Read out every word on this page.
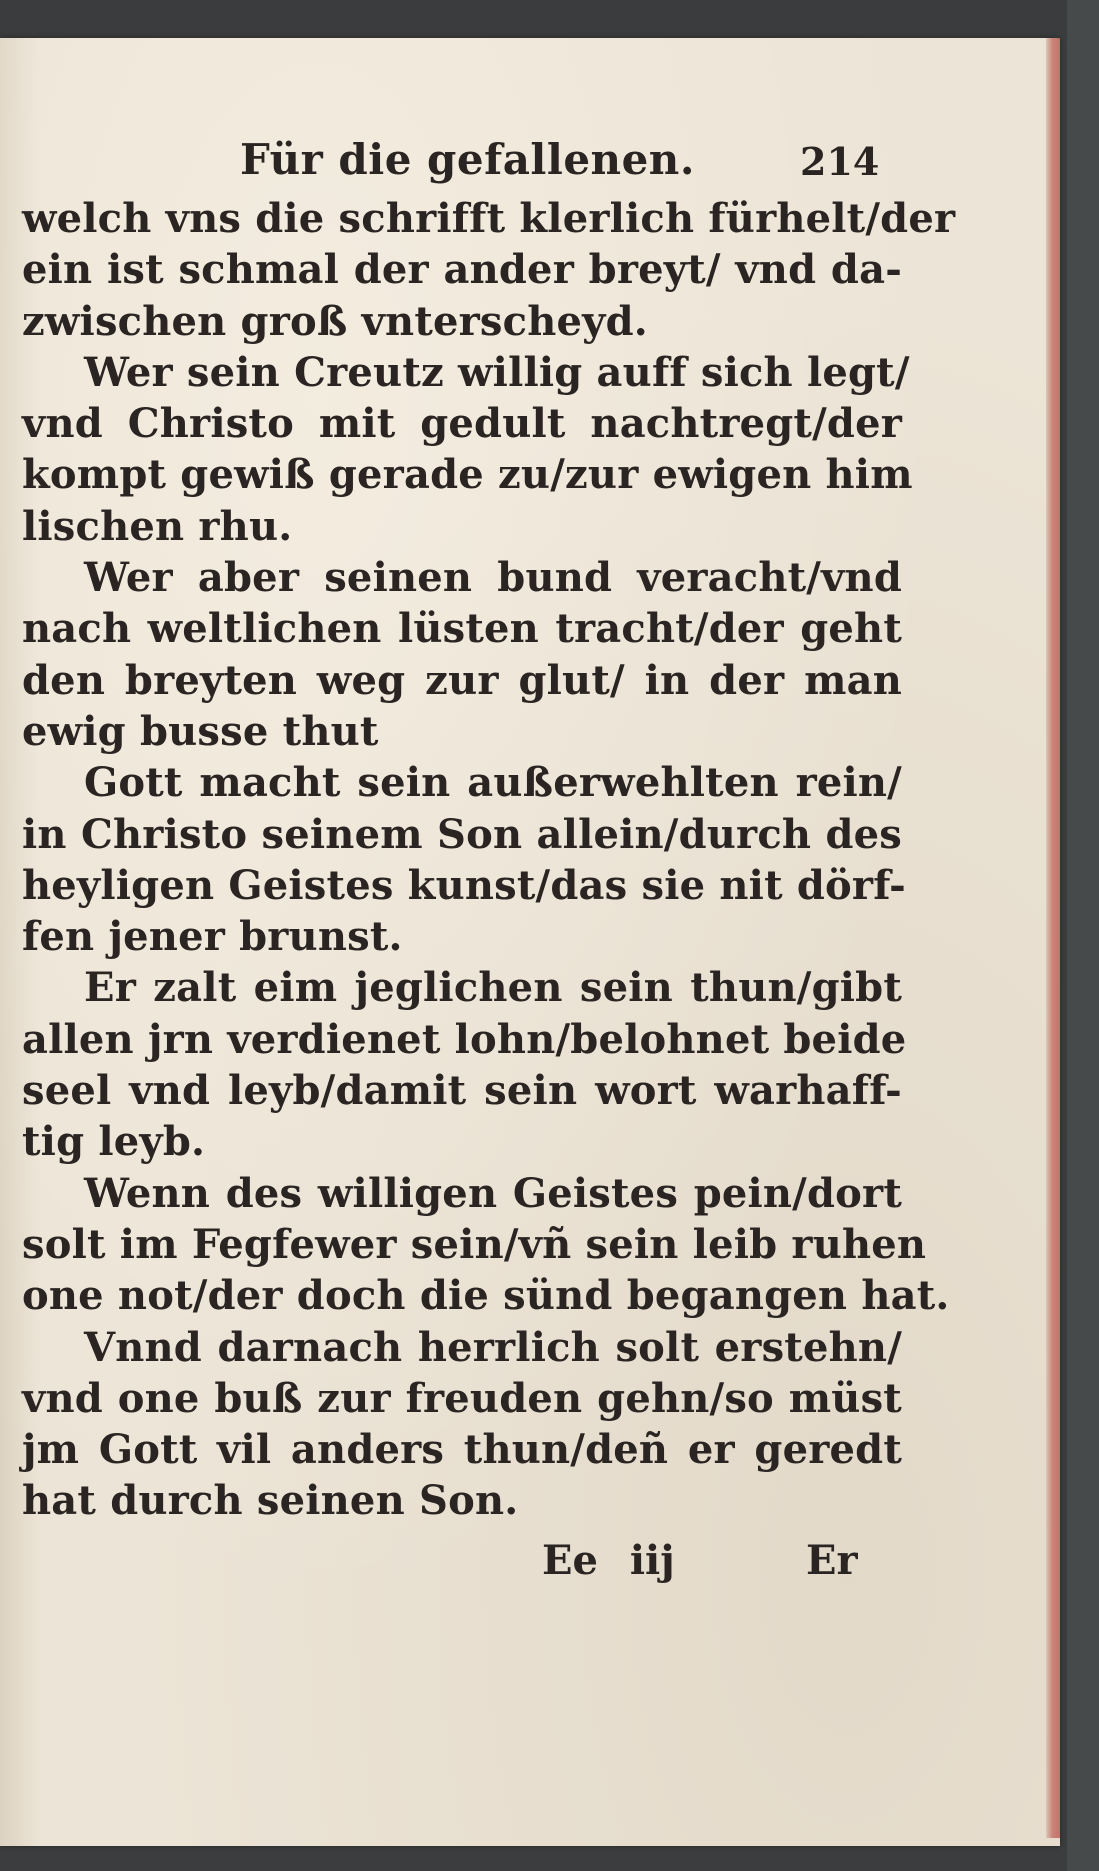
Für die gefallenen.	214
welch vns die schrifft klerlich fürhelt/der
ein ist schmal der ander breyt/ vnd da-
zwischen groß vnterscheyd.
Wer sein Creutz willig auff sich legt/
vnd Christo mit gedult nachtregt/der
kompt gewiß gerade zu/zur ewigen him
lischen rhu.
Wer aber seinen bund veracht/vnd
nach weltlichen lüsten tracht/der geht
den breyten weg zur glut/ in der man
ewig busse thut
Gott macht sein außerwehlten rein/
in Christo seinem Son allein/durch des
heyligen Geistes kunst/das sie nit dörf-
fen jener brunst.
Er zalt eim jeglichen sein thun/gibt
allen jrn verdienet lohn/belohnet beide
seel vnd leyb/damit sein wort warhaff-
tig leyb.
Wenn des willigen Geistes pein/dort
solt im Fegfewer sein/vñ sein leib ruhen
one not/der doch die sünd begangen hat.
Vnnd darnach herrlich solt erstehn/
vnd one buß zur freuden gehn/so müst
jm Gott vil anders thun/deñ er geredt
hat durch seinen Son.
Ee iij	Er
